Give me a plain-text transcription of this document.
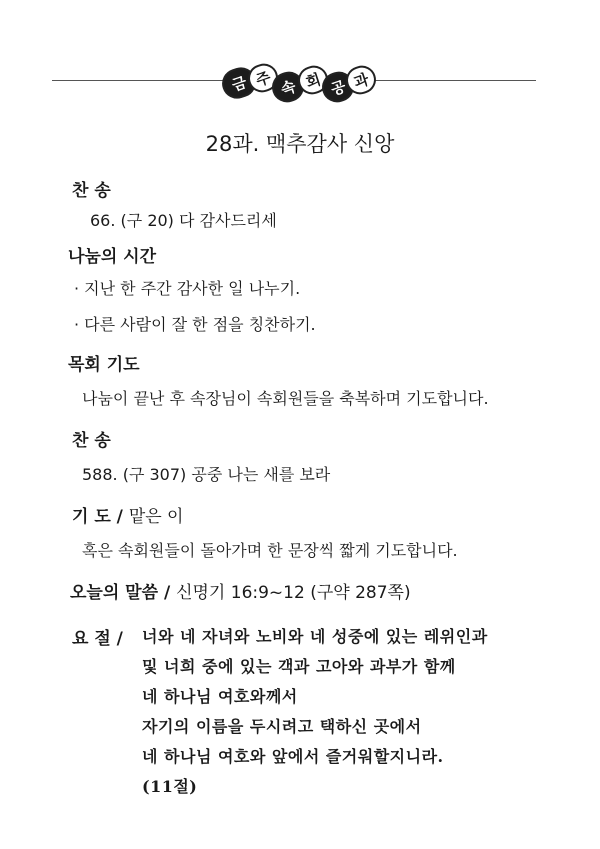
금 주 속 회 공 과
28과. 맥추감사 신앙
찬 송
66. (구 20) 다 감사드리세
나눔의 시간
· 지난 한 주간 감사한 일 나누기.
· 다른 사람이 잘 한 점을 칭찬하기.
목회 기도
나눔이 끝난 후 속장님이 속회원들을 축복하며 기도합니다.
찬 송
588. (구 307) 공중 나는 새를 보라
기 도 / 맡은 이
혹은 속회원들이 돌아가며 한 문장씩 짧게 기도합니다.
오늘의 말씀 / 신명기 16:9~12 (구약 287쪽)
요 절 / 너와 네 자녀와 노비와 네 성중에 있는 레위인과
및 너희 중에 있는 객과 고아와 과부가 함께
네 하나님 여호와께서
자기의 이름을 두시려고 택하신 곳에서
네 하나님 여호와 앞에서 즐거워할지니라.
(11절)
